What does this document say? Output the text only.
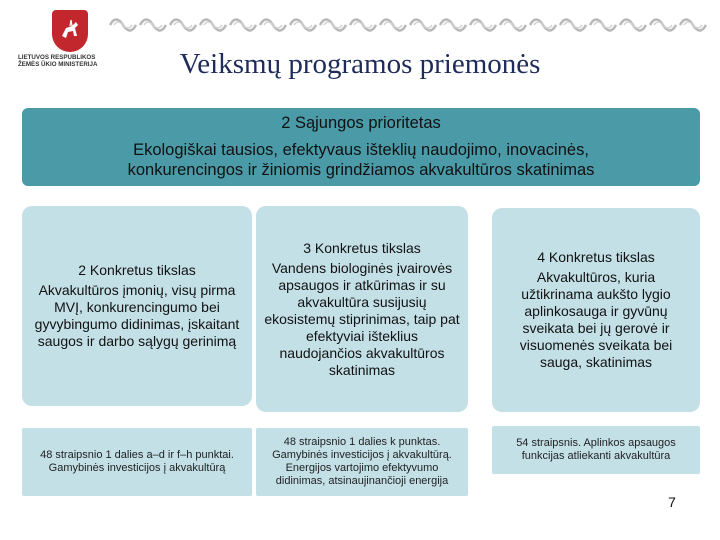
LIETUVOS RESPUBLIKOS
ŽEMĖS ŪKIO MINISTERIJA	Veiksmų programos priemonės
2 Sąjungos prioritetas
Ekologiškai tausios, efektyvaus išteklių naudojimo, inovacinės,
konkurencingos ir žiniomis grindžiamos akvakultūros skatinimas
2 Konkretus tikslas
Akvakultūros įmonių, visų pirma MVĮ, konkurencingumo bei gyvybingumo didinimas, įskaitant saugos ir darbo sąlygų gerinimą
3 Konkretus tikslas
Vandens biologinės įvairovės apsaugos ir atkūrimas ir su akvakultūra susijusių ekosistemų stiprinimas, taip pat efektyviai išteklius naudojančios akvakultūros skatinimas
4 Konkretus tikslas
Akvakultūros, kuria užtikrinama aukšto lygio aplinkosauga ir gyvūnų sveikata bei jų gerovė ir visuomenės sveikata bei sauga, skatinimas
48 straipsnio 1 dalies a–d ir f–h punktai. Gamybinės investicijos į akvakultūrą
48 straipsnio 1 dalies k punktas. Gamybinės investicijos į akvakultūrą. Energijos vartojimo efektyvumo didinimas, atsinaujinančioji energija
54 straipsnis. Aplinkos apsaugos funkcijas atliekanti akvakultūra
7
